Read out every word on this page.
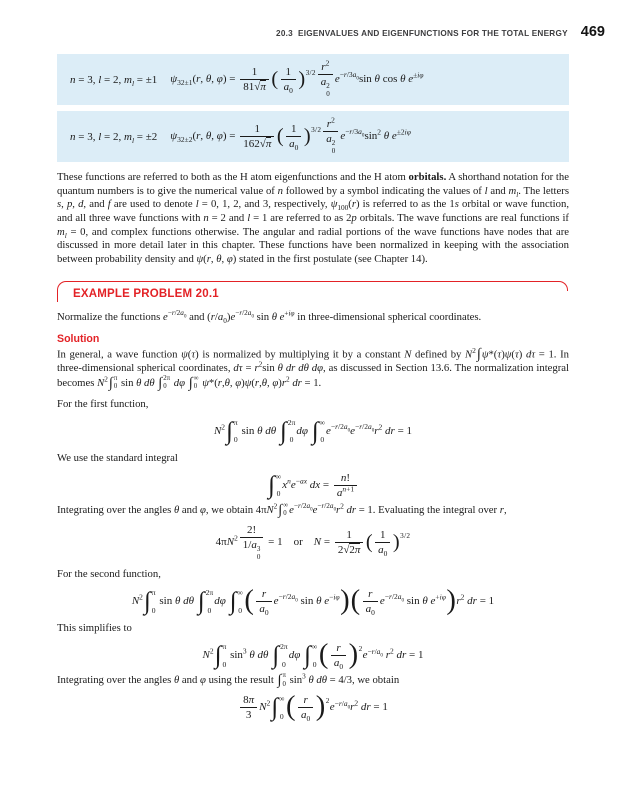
20.3 EIGENVALUES AND EIGENFUNCTIONS FOR THE TOTAL ENERGY 469
n = 3, l = 2, $m_l = \pm 1$ $\psi_{32\pm 1}(r$, θ, $\varphi) = \frac{1}{81√\pi}$ ( $\frac{1}{a_0} )^{3/2}$ $r^2$
a 2
0 $e^{-r/3a_0}\sin$ θ cos θ $e^{\pm i\varphi}$
n = 3, l = 2, $m_l = \pm 2$ $\psi_{32\pm 2}(r$, θ, $\varphi) = \frac{1}{162√\pi}$ ( $\frac{1}{a_0} )^{3/2}$ $r^2$
a 2
0 $e^{-r/3a_0}\sin^2$ θ $e^{\pm 2i\varphi}$

These functions are referred to both as the H atom eigenfunctions and the H atom orbitals. A shorthand notation for the quantum numbers is to give the numerical value of n followed by a symbol indicating the values of l and $m_l$. The letters s, p, d, and f are used to denote l = 0, 1, 2, and 3, respectively, $\psi_{100}(r)$ is referred to as the 1s orbital or wave function, and all three wave functions with n = 2 and l = 1 are referred to as 2p orbitals. The wave functions are real functions if $m_l = 0$, and complex functions otherwise. The angular and radial portions of the wave functions have nodes that are discussed in more detail later in this chapter. These functions have been normalized in keeping with the association between probability density and ψ(r, θ, φ) stated in the first postulate (see Chapter 14).

EXAMPLE PROBLEM 20.1

Normalize the functions $e^{-r/2a_0}$ and $(r/a_0)e^{-r/2a_0}$ sin θ $e^{+i\varphi}$ in three-dimensional spherical coordinates.

Solution

In general, a wave function ψ(τ) is normalized by multiplying it by a constant N defined by $N^2$ ∫ ψ*(τ)ψ(τ) dτ = 1. In three-dimensional spherical coordinates, $d\tau = r^2\sin$ θ dr dθ dφ, as discussed in Section 13.6. The normalization integral becomes $N^2$ ∫ π
0 sin θ dθ ∫ 2π
0 dφ ∫ ∞
0 ψ*(r,θ, φ)ψ(r,θ, $\varphi)r^2$ dr = 1.

For the first function,

$N^2$ ∫ π
0
sin θ dθ ∫ 2π
0
dφ ∫ ∞
0
$e^{-r/2a_0}e^{-r/2a_0}r^2$ dr = 1

We use the standard integral

∫ ∞
0
$x^ne^{-ax}$ dx = $\frac{n!}{a^{n+1}}$

Integrating over the angles θ and φ, we obtain $4\pi N^2$ ∫ ∞
0 $e^{-r/2a_0}e^{-r/2a_0}r^2$ dr = 1. Evaluating the integral over r,

$4\pi N^2$ 2!
1/a 3
0 = 1    or    $N = \frac{1}{2√2\pi}$ ( $\frac{1}{a_0} )^{3/2}$

For the second function,

$N^2$ ∫ π
0
sin θ dθ ∫ 2π
0
dφ ∫ ∞
0 ( $\frac{r}{a_0} e^{-r/2a_0}$ sin θ $e^{-i\varphi})( \frac{r}{a_0} e^{-r/2a_0}$ sin θ $e^{+i\varphi})r^2$ dr = 1

This simplifies to

$N^2$ ∫ π
0
$\sin^3 \theta$ dθ ∫ 2π
0
dφ ∫ ∞
0 ( $\frac{r}{a_0} )^2e^{-r/a_0}$ $r^2$ dr = 1

Integrating over the angles θ and φ using the result ∫ π
0 $\sin^3 \theta$ dθ = 4/3, we obtain

$\frac{8\pi}{3} N^2$ ∫ ∞
0 ( $\frac{r}{a_0} )^2e^{-r/a_0}r^2$ dr = 1
